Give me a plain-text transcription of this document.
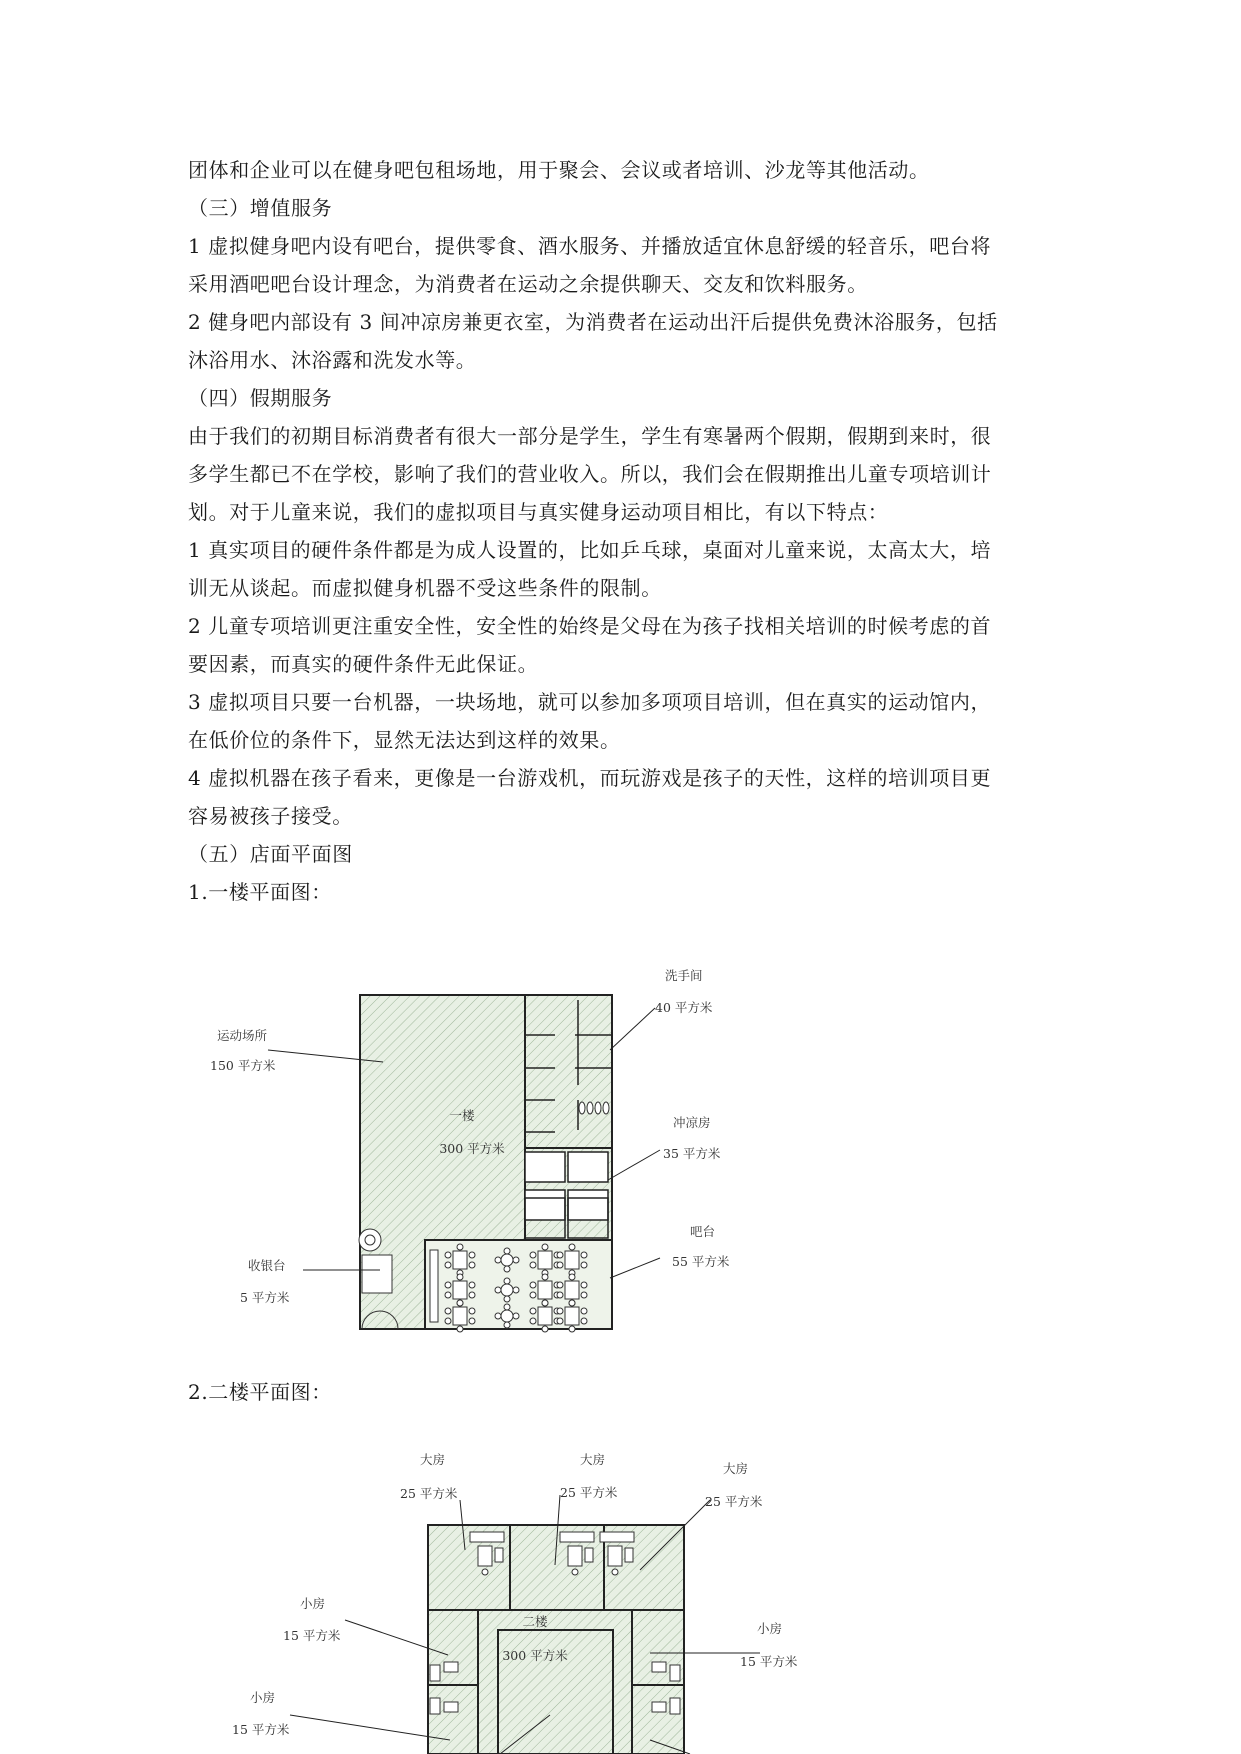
团体和企业可以在健身吧包租场地，用于聚会、会议或者培训、沙龙等其他活动。
（三）增值服务
1 虚拟健身吧内设有吧台，提供零食、酒水服务、并播放适宜休息舒缓的轻音乐，吧台将
采用酒吧吧台设计理念，为消费者在运动之余提供聊天、交友和饮料服务。
2 健身吧内部设有 3 间冲凉房兼更衣室，为消费者在运动出汗后提供免费沐浴服务，包括
沐浴用水、沐浴露和洗发水等。
（四）假期服务
由于我们的初期目标消费者有很大一部分是学生，学生有寒暑两个假期，假期到来时，很
多学生都已不在学校，影响了我们的营业收入。所以，我们会在假期推出儿童专项培训计
划。对于儿童来说，我们的虚拟项目与真实健身运动项目相比，有以下特点：
1 真实项目的硬件条件都是为成人设置的，比如乒乓球，桌面对儿童来说，太高太大，培
训无从谈起。而虚拟健身机器不受这些条件的限制。
2 儿童专项培训更注重安全性，安全性的始终是父母在为孩子找相关培训的时候考虑的首
要因素，而真实的硬件条件无此保证。
3 虚拟项目只要一台机器，一块场地，就可以参加多项项目培训，但在真实的运动馆内，
在低价位的条件下，显然无法达到这样的效果。
4 虚拟机器在孩子看来，更像是一台游戏机，而玩游戏是孩子的天性，这样的培训项目更
容易被孩子接受。
（五）店面平面图
1.一楼平面图：
一楼
300 平方米
洗手间
40 平方米
运动场所
150 平方米
冲凉房
35 平方米
吧台
55 平方米
收银台
5 平方米
2.二楼平面图：
二楼
300 平方米
大房
25 平方米
大房
25 平方米
大房
25 平方米
小房
15 平方米	小房
15 平方米
小房
15 平方米
